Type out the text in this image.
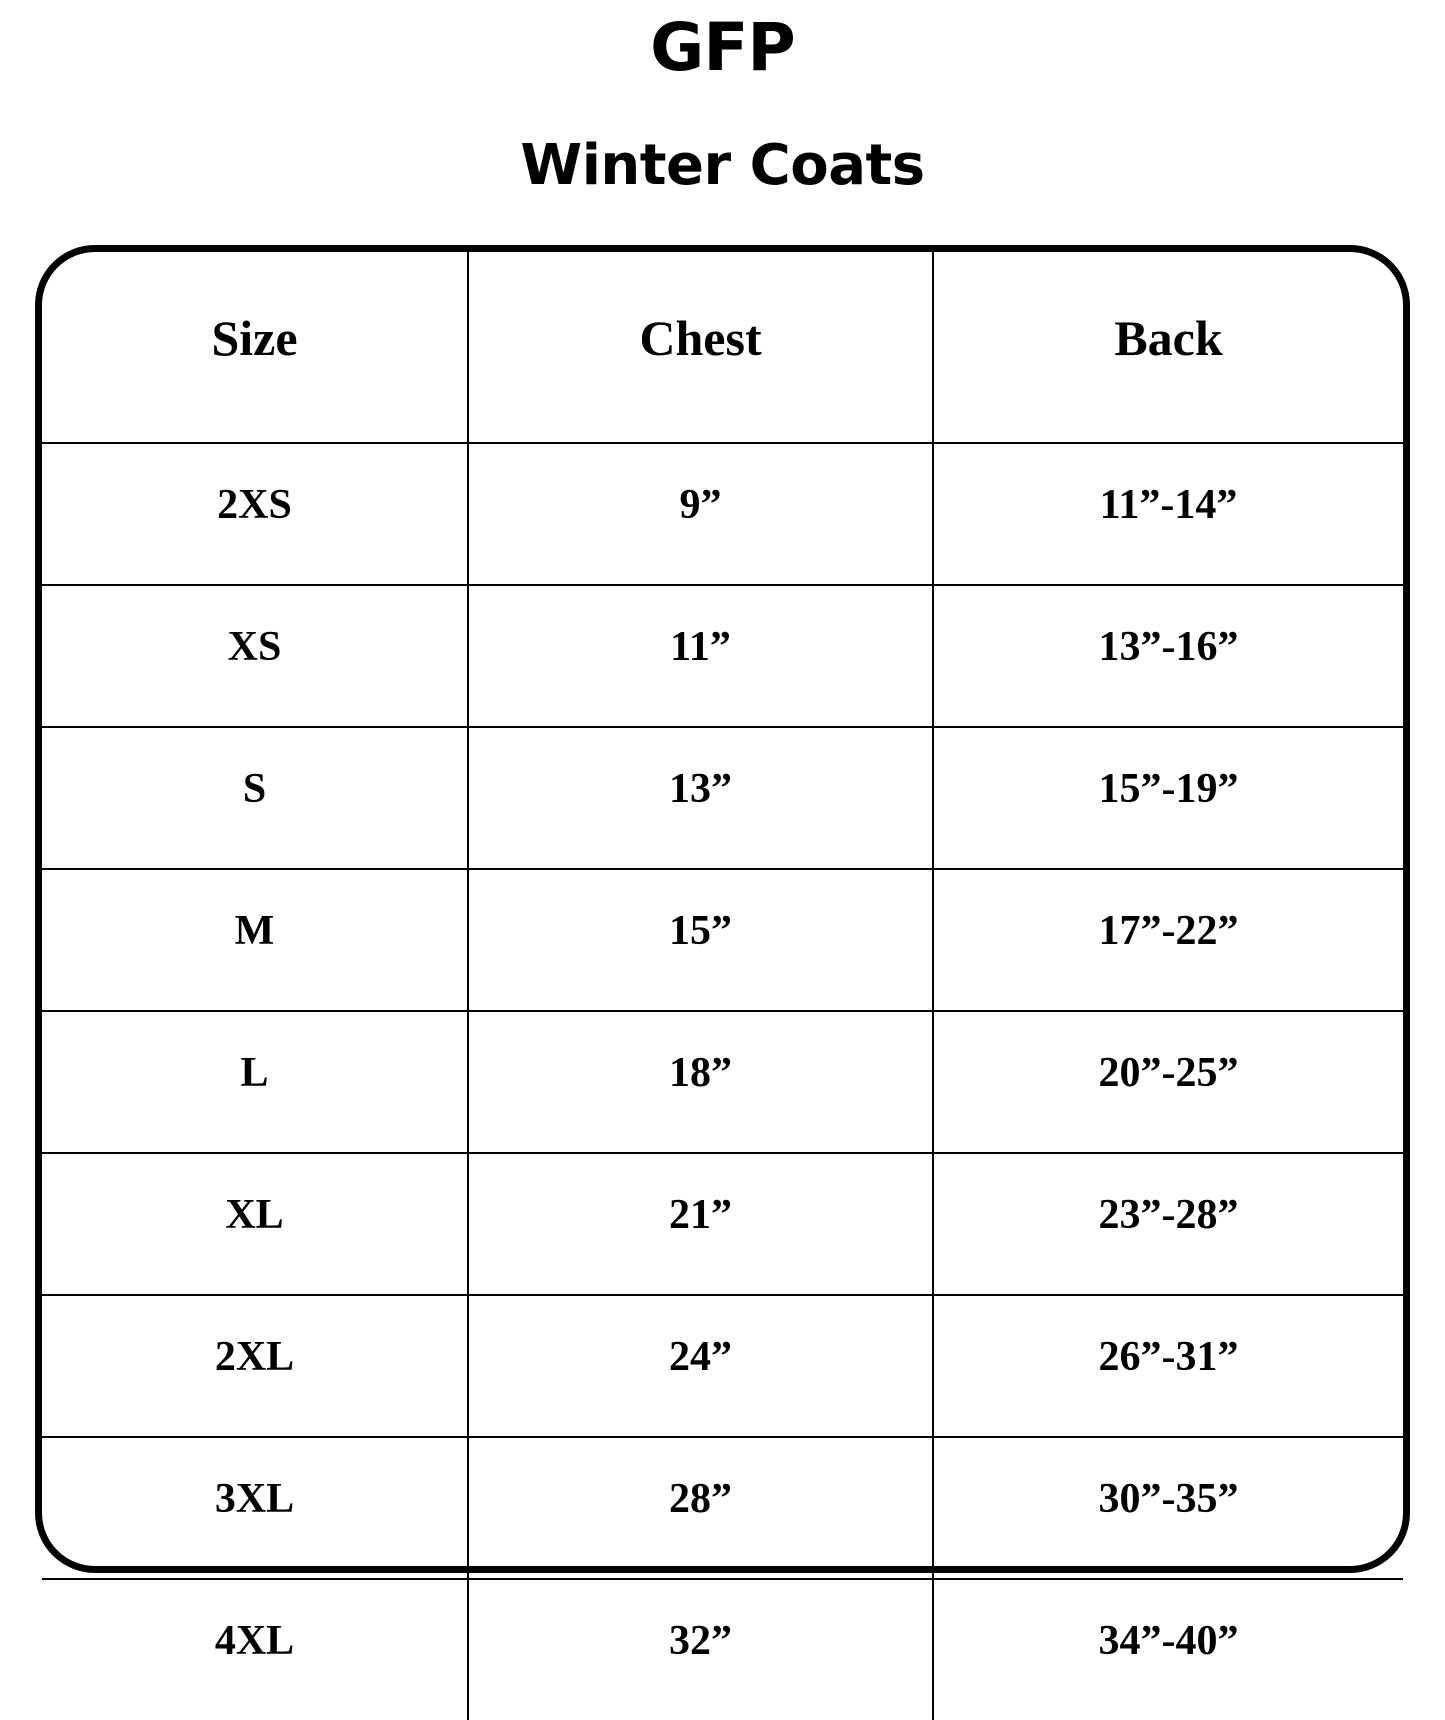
GFP
Winter Coats
Size	Chest	Back
2XS	9”	11”-14”
XS	11”	13”-16”
S	13”	15”-19”
M	15”	17”-22”
L	18”	20”-25”
XL	21”	23”-28”
2XL	24”	26”-31”
3XL	28”	30”-35”
4XL	32”	34”-40”
